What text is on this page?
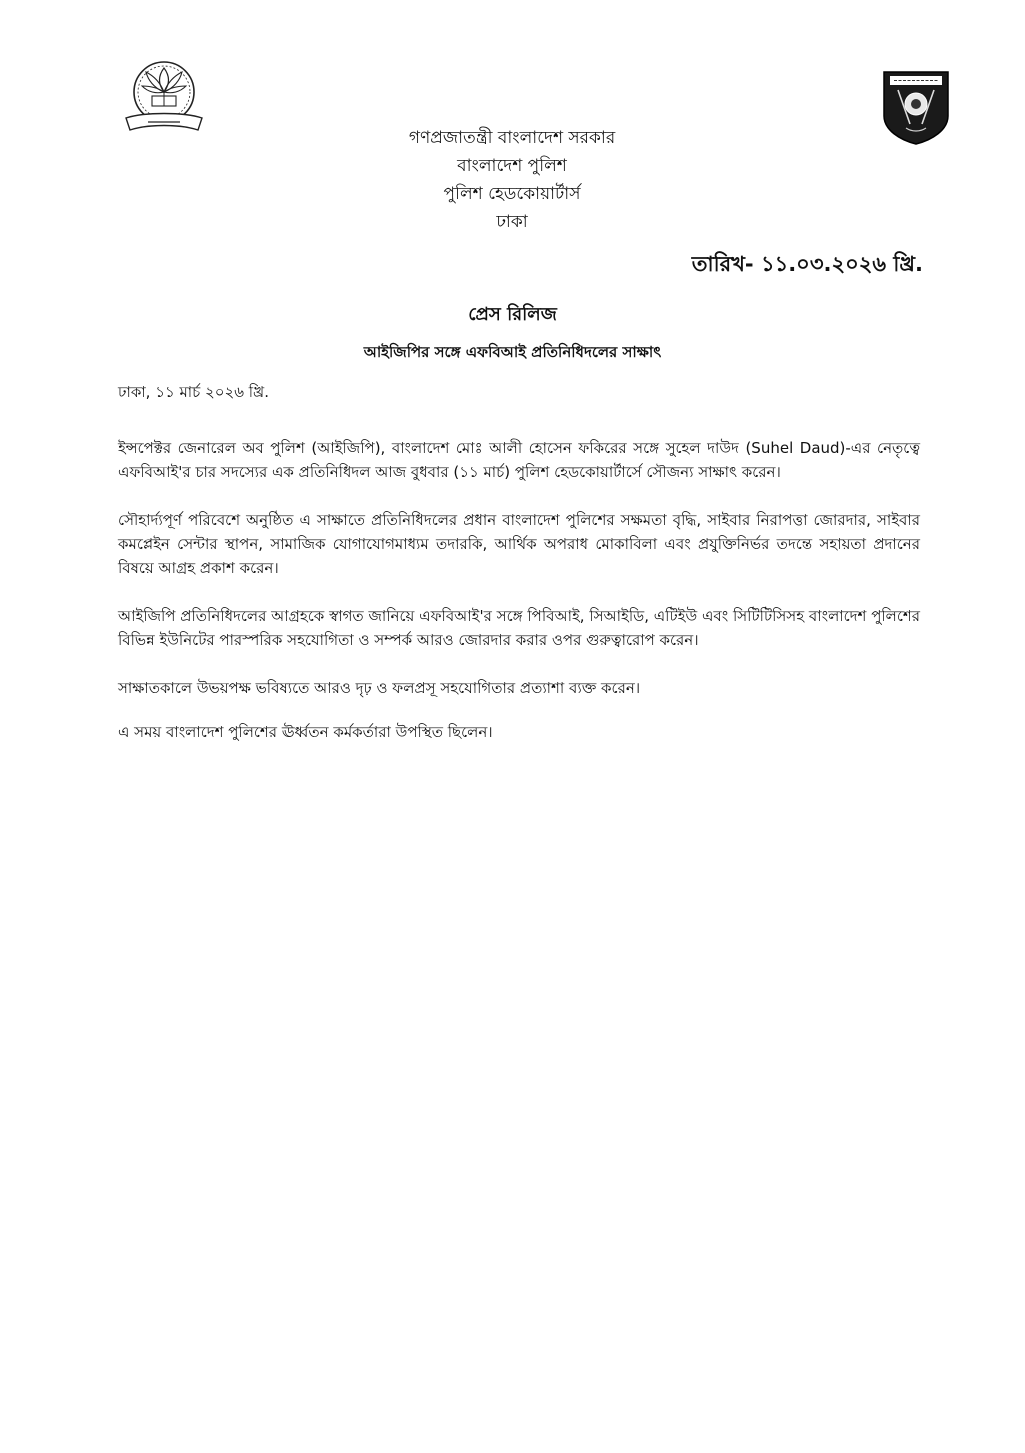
গণপ্রজাতন্ত্রী বাংলাদেশ সরকার
বাংলাদেশ পুলিশ
পুলিশ হেডকোয়ার্টার্স
ঢাকা
তারিখ- ১১.০৩.২০২৬ খ্রি.
প্রেস রিলিজ
আইজিপির সঙ্গে এফবিআই প্রতিনিধিদলের সাক্ষাৎ
ঢাকা, ১১ মার্চ ২০২৬ খ্রি.

ইন্সপেক্টর জেনারেল অব পুলিশ (আইজিপি), বাংলাদেশ মোঃ আলী হোসেন ফকিরের সঙ্গে সুহেল দাউদ (Suhel Daud)-এর নেতৃত্বে এফবিআই'র চার সদস্যের এক প্রতিনিধিদল আজ বুধবার (১১ মার্চ) পুলিশ হেডকোয়ার্টার্সে সৌজন্য সাক্ষাৎ করেন।

সৌহার্দ্যপূর্ণ পরিবেশে অনুষ্ঠিত এ সাক্ষাতে প্রতিনিধিদলের প্রধান বাংলাদেশ পুলিশের সক্ষমতা বৃদ্ধি, সাইবার নিরাপত্তা জোরদার, সাইবার কমপ্লেইন সেন্টার স্থাপন, সামাজিক যোগাযোগমাধ্যম তদারকি, আর্থিক অপরাধ মোকাবিলা এবং প্রযুক্তিনির্ভর তদন্তে সহায়তা প্রদানের বিষয়ে আগ্রহ প্রকাশ করেন।

আইজিপি প্রতিনিধিদলের আগ্রহকে স্বাগত জানিয়ে এফবিআই'র সঙ্গে পিবিআই, সিআইডি, এটিইউ এবং সিটিটিসিসহ বাংলাদেশ পুলিশের বিভিন্ন ইউনিটের পারস্পরিক সহযোগিতা ও সম্পর্ক আরও জোরদার করার ওপর গুরুত্বারোপ করেন।

সাক্ষাতকালে উভয়পক্ষ ভবিষ্যতে আরও দৃঢ় ও ফলপ্রসূ সহযোগিতার প্রত্যাশা ব্যক্ত করেন।

এ সময় বাংলাদেশ পুলিশের ঊর্ধ্বতন কর্মকর্তারা উপস্থিত ছিলেন।
